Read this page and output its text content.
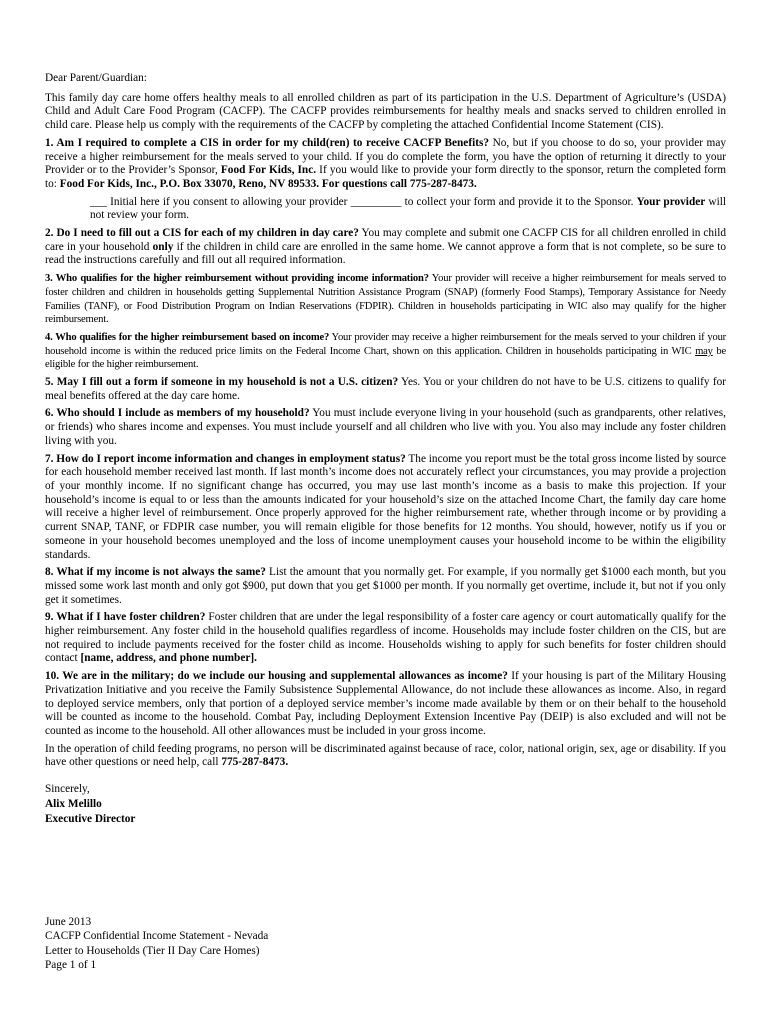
Dear Parent/Guardian:

This family day care home offers healthy meals to all enrolled children as part of its participation in the U.S. Department of Agriculture’s (USDA) Child and Adult Care Food Program (CACFP). The CACFP provides reimbursements for healthy meals and snacks served to children enrolled in child care. Please help us comply with the requirements of the CACFP by completing the attached Confidential Income Statement (CIS).

1. Am I required to complete a CIS in order for my child(ren) to receive CACFP Benefits? No, but if you choose to do so, your provider may receive a higher reimbursement for the meals served to your child. If you do complete the form, you have the option of returning it directly to your Provider or to the Provider’s Sponsor, Food For Kids, Inc. If you would like to provide your form directly to the sponsor, return the completed form to: Food For Kids, Inc., P.O. Box 33070, Reno, NV 89533. For questions call 775-287-8473.

___ Initial here if you consent to allowing your provider _________ to collect your form and provide it to the Sponsor. Your provider will not review your form.

2. Do I need to fill out a CIS for each of my children in day care? You may complete and submit one CACFP CIS for all children enrolled in child care in your household only if the children in child care are enrolled in the same home. We cannot approve a form that is not complete, so be sure to read the instructions carefully and fill out all required information.

3. Who qualifies for the higher reimbursement without providing income information? Your provider will receive a higher reimbursement for meals served to foster children and children in households getting Supplemental Nutrition Assistance Program (SNAP) (formerly Food Stamps), Temporary Assistance for Needy Families (TANF), or Food Distribution Program on Indian Reservations (FDPIR). Children in households participating in WIC also may qualify for the higher reimbursement.

4. Who qualifies for the higher reimbursement based on income? Your provider may receive a higher reimbursement for the meals served to your children if your household income is within the reduced price limits on the Federal Income Chart, shown on this application. Children in households participating in WIC may be eligible for the higher reimbursement.

5. May I fill out a form if someone in my household is not a U.S. citizen? Yes. You or your children do not have to be U.S. citizens to qualify for meal benefits offered at the day care home.

6. Who should I include as members of my household? You must include everyone living in your household (such as grandparents, other relatives, or friends) who shares income and expenses. You must include yourself and all children who live with you. You also may include any foster children living with you.

7. How do I report income information and changes in employment status? The income you report must be the total gross income listed by source for each household member received last month. If last month’s income does not accurately reflect your circumstances, you may provide a projection of your monthly income. If no significant change has occurred, you may use last month’s income as a basis to make this projection. If your household’s income is equal to or less than the amounts indicated for your household’s size on the attached Income Chart, the family day care home will receive a higher level of reimbursement. Once properly approved for the higher reimbursement rate, whether through income or by providing a current SNAP, TANF, or FDPIR case number, you will remain eligible for those benefits for 12 months. You should, however, notify us if you or someone in your household becomes unemployed and the loss of income unemployment causes your household income to be within the eligibility standards.

8. What if my income is not always the same? List the amount that you normally get. For example, if you normally get $1000 each month, but you missed some work last month and only got $900, put down that you get $1000 per month. If you normally get overtime, include it, but not if you only get it sometimes.

9. What if I have foster children? Foster children that are under the legal responsibility of a foster care agency or court automatically qualify for the higher reimbursement. Any foster child in the household qualifies regardless of income. Households may include foster children on the CIS, but are not required to include payments received for the foster child as income. Households wishing to apply for such benefits for foster children should contact [name, address, and phone number].

10. We are in the military; do we include our housing and supplemental allowances as income? If your housing is part of the Military Housing Privatization Initiative and you receive the Family Subsistence Supplemental Allowance, do not include these allowances as income. Also, in regard to deployed service members, only that portion of a deployed service member’s income made available by them or on their behalf to the household will be counted as income to the household. Combat Pay, including Deployment Extension Incentive Pay (DEIP) is also excluded and will not be counted as income to the household. All other allowances must be included in your gross income.

In the operation of child feeding programs, no person will be discriminated against because of race, color, national origin, sex, age or disability. If you have other questions or need help, call 775-287-8473.

Sincerely,
Alix Melillo
Executive Director
June 2013
CACFP Confidential Income Statement - Nevada
Letter to Households (Tier II Day Care Homes)
Page 1 of 1
